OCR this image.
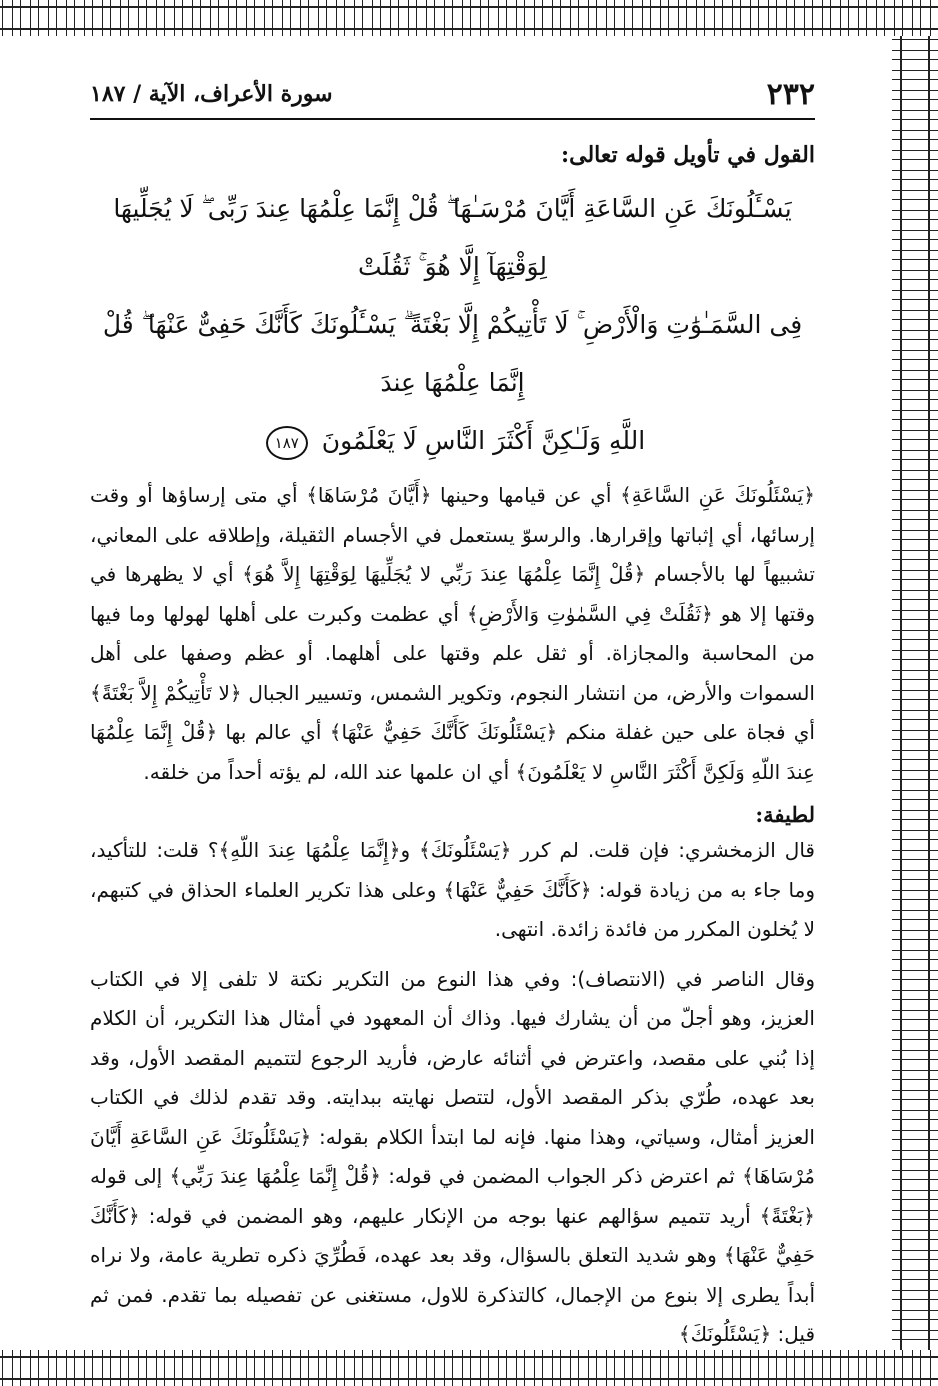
٢٣٢
سورة الأعراف، الآية / ١٨٧
القول في تأويل قوله تعالى:
يَسْـَٔلُونَكَ عَنِ السَّاعَةِ أَيَّانَ مُرْسَـٰهَا ۖ قُلْ إِنَّمَا عِلْمُهَا عِندَ رَبِّى ۖ لَا يُجَلِّيهَا لِوَقْتِهَآ إِلَّا هُوَ ۚ ثَقُلَتْ
فِى السَّمَـٰوَٰتِ وَالْأَرْضِ ۚ لَا تَأْتِيكُمْ إِلَّا بَغْتَةً ۗ يَسْـَٔلُونَكَ كَأَنَّكَ حَفِىٌّ عَنْهَا ۖ قُلْ إِنَّمَا عِلْمُهَا عِندَ
اللَّهِ وَلَـٰكِنَّ أَكْثَرَ النَّاسِ لَا يَعْلَمُونَ ١٨٧

﴿يَسْئَلُونَكَ عَنِ السَّاعَةِ﴾ أي عن قيامها وحينها ﴿أَيَّانَ مُرْسَاهَا﴾ أي متى إرساؤها أو وقت إرسائها، أي إثباتها وإقرارها. والرسوّ يستعمل في الأجسام الثقيلة، وإطلاقه على المعاني، تشبيهاً لها بالأجسام ﴿قُلْ إِنَّمَا عِلْمُهَا عِندَ رَبِّي لا يُجَلِّيهَا لِوَقْتِهَا إِلاَّ هُوَ﴾ أي لا يظهرها في وقتها إلا هو ﴿ثَقُلَتْ فِي السَّمٰوٰتِ وَالأَرْضِ﴾ أي عظمت وكبرت على أهلها لهولها وما فيها من المحاسبة والمجازاة. أو ثقل علم وقتها على أهلهما. أو عظم وصفها على أهل السموات والأرض، من انتشار النجوم، وتكوير الشمس، وتسيير الجبال ﴿لا تَأْتِيكُمْ إِلاَّ بَغْتَةً﴾ أي فجاة على حين غفلة منكم ﴿يَسْئَلُونَكَ كَأَنَّكَ حَفِيٌّ عَنْهَا﴾ أي عالم بها ﴿قُلْ إِنَّمَا عِلْمُهَا عِندَ اللّهِ وَلَكِنَّ أَكْثَرَ النَّاسِ لا يَعْلَمُونَ﴾ أي ان علمها عند الله، لم يؤته أحداً من خلقه.

لطيفة:

قال الزمخشري: فإن قلت. لم كرر ﴿يَسْئَلُونَكَ﴾ و﴿إِنَّمَا عِلْمُهَا عِندَ اللّهِ﴾؟ قلت: للتأكيد، وما جاء به من زيادة قوله: ﴿كَأَنَّكَ حَفِيٌّ عَنْهَا﴾ وعلى هذا تكرير العلماء الحذاق في كتبهم، لا يُخلون المكرر من فائدة زائدة. انتهى.

وقال الناصر في (الانتصاف): وفي هذا النوع من التكرير نكتة لا تلفى إلا في الكتاب العزيز، وهو أجلّ من أن يشارك فيها. وذاك أن المعهود في أمثال هذا التكرير، أن الكلام إذا بُني على مقصد، واعترض في أثنائه عارض، فأريد الرجوع لتتميم المقصد الأول، وقد بعد عهده، طُرّي بذكر المقصد الأول، لتتصل نهايته ببدايته. وقد تقدم لذلك في الكتاب العزيز أمثال، وسياتي، وهذا منها. فإنه لما ابتدأ الكلام بقوله: ﴿يَسْئَلُونَكَ عَنِ السَّاعَةِ أَيَّانَ مُرْسَاهَا﴾ ثم اعترض ذكر الجواب المضمن في قوله: ﴿قُلْ إِنَّمَا عِلْمُهَا عِندَ رَبِّي﴾ إلى قوله ﴿بَغْتَةً﴾ أريد تتميم سؤالهم عنها بوجه من الإنكار عليهم، وهو المضمن في قوله: ﴿كَأَنَّكَ حَفِيٌّ عَنْهَا﴾ وهو شديد التعلق بالسؤال، وقد بعد عهده، فَطُرِّيَ ذكره تطرية عامة، ولا نراه أبداً يطرى إلا بنوع من الإجمال، كالتذكرة للاول، مستغنى عن تفصيله بما تقدم. فمن ثم قيل: ﴿يَسْئَلُونَكَ﴾
